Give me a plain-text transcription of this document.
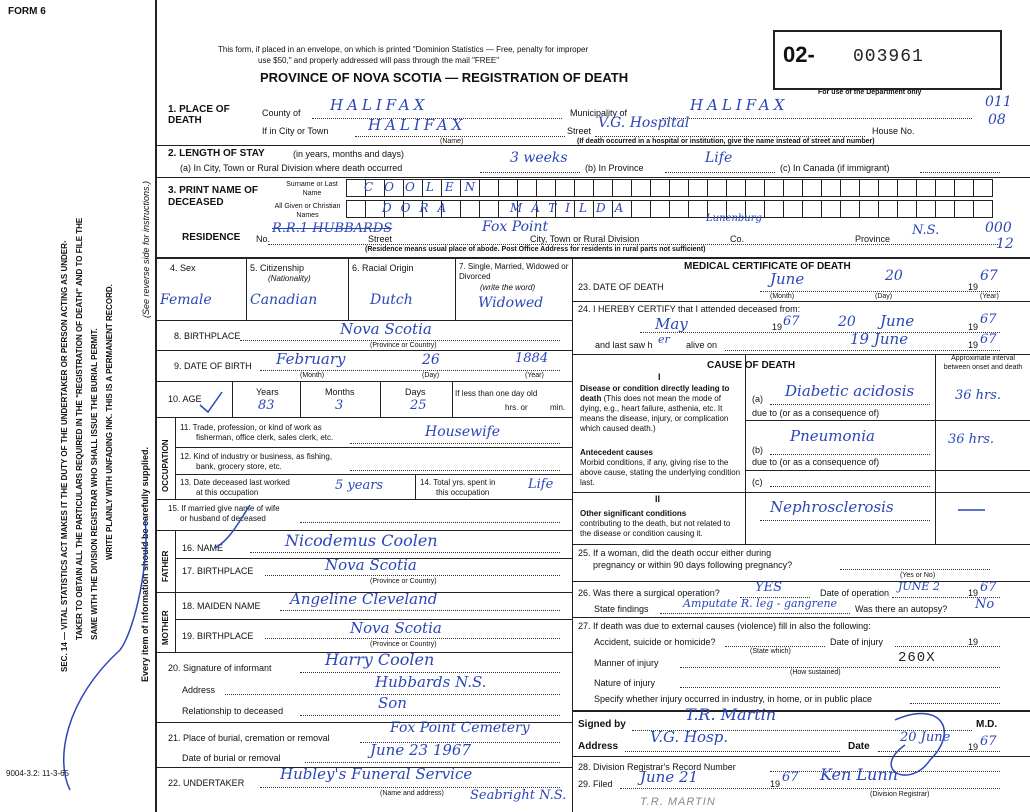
FORM 6
This form, if placed in an envelope, on which is printed "Dominion Statistics — Free, penalty for improper
use $50," and properly addressed will pass through the mail "FREE"
PROVINCE OF NOVA SCOTIA — REGISTRATION OF DEATH
02- 003961
For use of the Department only
SEC. 14 — VITAL STATISTICS ACT MAKES IT THE DUTY OF THE UNDERTAKER OR PERSON ACTING AS UNDER- TAKER TO OBTAIN ALL THE PARTICULARS REQUIRED IN THE "REGISTRATION OF DEATH" AND TO FILE THE SAME WITH THE DIVISION REGISTRAR WHO SHALL ISSUE THE BURIAL PERMIT. WRITE PLAINLY WITH UNFADING INK. THIS IS A PERMANENT RECORD.
(See reverse side for instructions.)
Every item of information should be carefully supplied.
9004-3.2: 11-3-65
1. PLACE OF DEATH
County of HALIFAX	Municipality of	HALIFAX
If in City or Town	HALIFAX	Street V.G. Hospital	House No.
011
08
(Name)	(If death occurred in a hospital or institution, give the name instead of street and number)
2. LENGTH OF STAY	(in years, months and days)
(a) In City, Town or Rural Division where death occurred
3 weeks
(b) In Province
Life
(c) In Canada (if immigrant)
3. PRINT NAME OF DECEASED
Surname or Last Name
All Given or Christian Names
COOLEN
DORA	MATILDA
RESIDENCE No.
R.R.1 HUBBARDS
Street
Fox Point
City, Town or Rural Division
Lunenburg
Co.	Province
N.S.	000
12
(Residence means usual place of abode. Post Office Address for residents in rural parts not sufficient)
4. Sex
Female
5. Citizenship
(Nationality)
Canadian
6. Racial Origin
Dutch
7. Single, Married, Widowed or Divorced
(write the word)
Widowed
8. BIRTHPLACE	Nova Scotia
(Province or Country)
9. DATE OF BIRTH February	26	1884
(Month)	(Day)	(Year)
10. AGE
Years	Months	Days
83	3	25
If less than one day old
hrs. or	min.
OCCUPATION
11. Trade, profession, or kind of work as
fisherman, office clerk, sales clerk, etc.	Housewife
12. Kind of industry or business, as fishing,
bank, grocery store, etc.
13. Date deceased last worked
at this occupation	5 years	14. Total yrs. spent in
this occupation
Life
15. If married give name of wife
or husband of deceased
FATHER
16. NAME	Nicodemus Coolen
17. BIRTHPLACE	Nova Scotia
(Province or Country)
MOTHER
18. MAIDEN NAME Angeline Cleveland
19. BIRTHPLACE	Nova Scotia
(Province or Country)
20. Signature of informant	Harry Coolen
Address	Hubbards N.S.
Relationship to deceased	Son
21. Place of burial, cremation or removal
Fox Point Cemetery
Date of burial or removal	June 23 1967
22. UNDERTAKER Hubley's Funeral Service
(Name and address) Seabright N.S.
MEDICAL CERTIFICATE OF DEATH
23. DATE OF DEATH	June	20
19
67
(Month)	(Day)	(Year)
24. I HEREBY CERTIFY that I attended deceased from:
May	19 67	20 June	19 67
and last saw h er alive on	19 June	19 67
CAUSE OF DEATH
Approximate interval between onset and death
I
Disease or condition directly leading to death (This does not mean the mode of dying, e.g., heart failure, asthenia, etc. It means the disease, injury, or complication which caused death.)
(a) Diabetic acidosis	36 hrs.
due to (or as a consequence of)
Antecedent causes
Morbid conditions, if any, giving rise to the above cause, stating the underlying condition last.
(b)
Pneumonia	36 hrs.
due to (or as a consequence of)
(c)
II
Other significant conditions
contributing to the death, but not related to the disease or condition causing it.
Nephrosclerosis
25. If a woman, did the death occur either during
pregnancy or within 90 days following pregnancy?
(Yes or No)
26. Was there a surgical operation?	YES	Date of operation JUNE 2	19 67
State findings	Amputate R. leg - gangrene Was there an autopsy? No
27. If death was due to external causes (violence) fill in also the following:
Accident, suicide or homicide?	Date of injury	19
(State which)
Manner of injury	260X
(How sustained)
Nature of injury
Specify whether injury occurred in industry, in home, or in public place
Signed by
T.R. Martin
M.D.
Address
V.G. Hosp.
Date
20 June
19 67
28. Division Registrar's Record Number
29. Filed June 21	19 67 Ken Lunn
(Division Registrar)
T.R. MARTIN
